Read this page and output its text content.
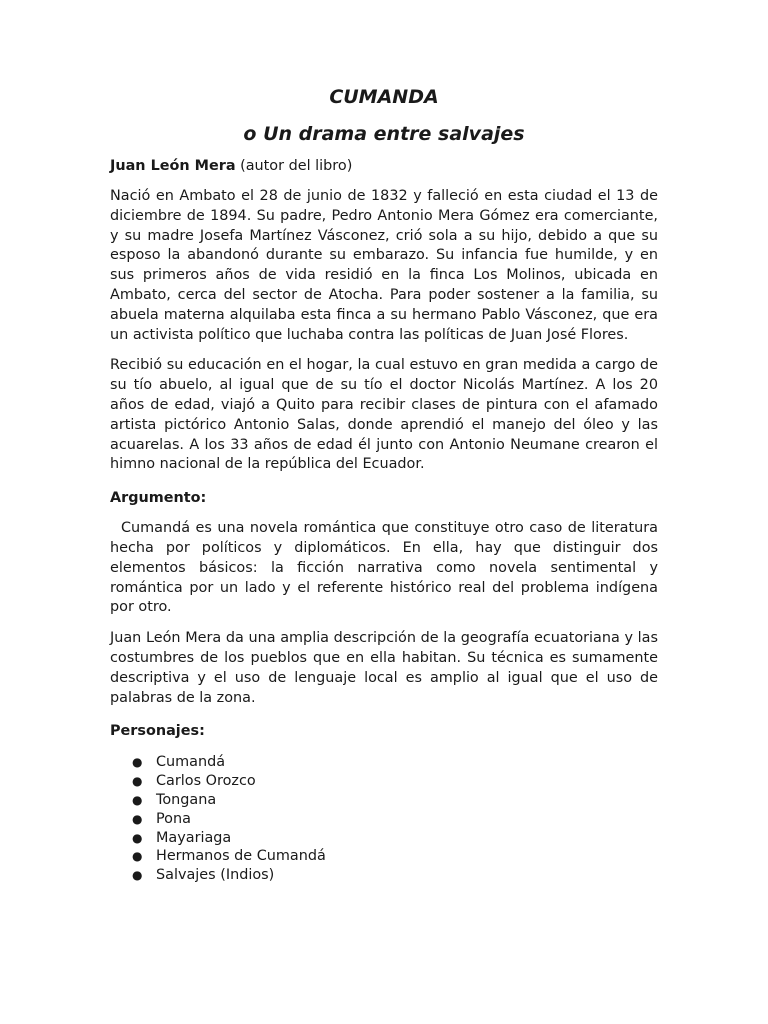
CUMANDA
o Un drama entre salvajes
Juan León Mera (autor del libro)

Nació en Ambato el 28 de junio de 1832 y falleció en esta ciudad el 13 de diciembre de 1894. Su padre, Pedro Antonio Mera Gómez era comerciante, y su madre Josefa Martínez Vásconez, crió sola a su hijo, debido a que su esposo la abandonó durante su embarazo. Su infancia fue humilde, y en sus primeros años de vida residió en la finca Los Molinos, ubicada en Ambato, cerca del sector de Atocha. Para poder sostener a la familia, su abuela materna alquilaba esta finca a su hermano Pablo Vásconez, que era un activista político que luchaba contra las políticas de Juan José Flores.

Recibió su educación en el hogar, la cual estuvo en gran medida a cargo de su tío abuelo, al igual que de su tío el doctor Nicolás Martínez. A los 20 años de edad, viajó a Quito para recibir clases de pintura con el afamado artista pictórico Antonio Salas, donde aprendió el manejo del óleo y las acuarelas. A los 33 años de edad él junto con Antonio Neumane crearon el himno nacional de la república del Ecuador.

Argumento:

Cumandá es una novela romántica que constituye otro caso de literatura hecha por políticos y diplomáticos. En ella, hay que distinguir dos elementos básicos: la ficción narrativa como novela sentimental y romántica por un lado y el referente histórico real del problema indígena por otro.

Juan León Mera da una amplia descripción de la geografía ecuatoriana y las costumbres de los pueblos que en ella habitan. Su técnica es sumamente descriptiva y el uso de lenguaje local es amplio al igual que el uso de palabras de la zona.

Personajes:
● Cumandá
● Carlos Orozco
● Tongana
● Pona
● Mayariaga
● Hermanos de Cumandá
● Salvajes (Indios)
